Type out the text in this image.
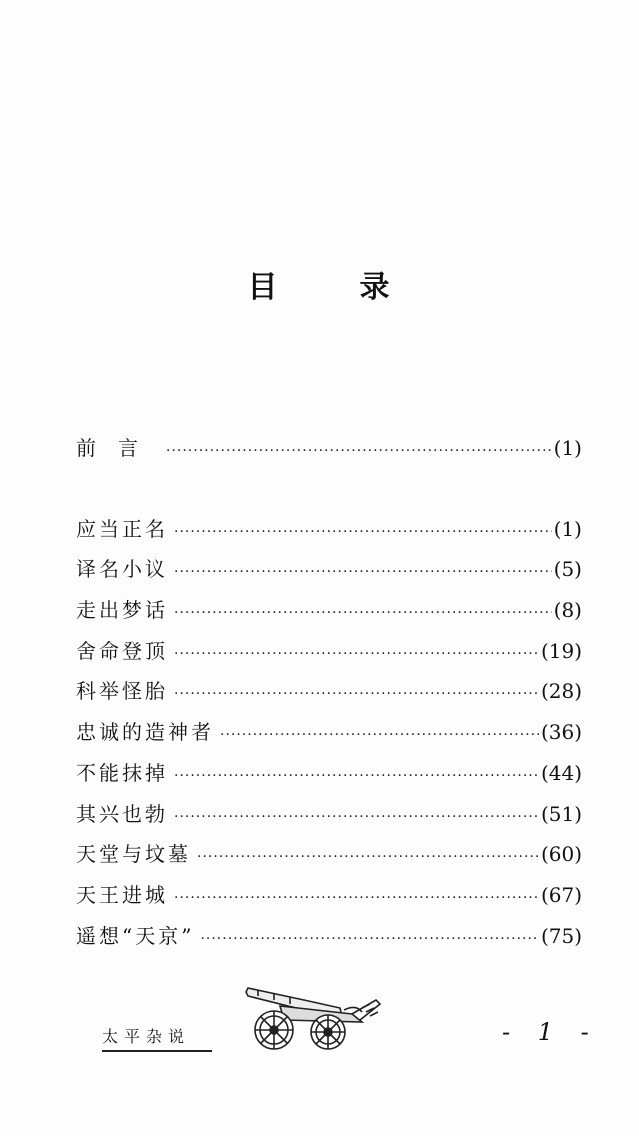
目	录
前言 ·····	(1)
应当正名 ·····	(1)
译名小议 ·····	(5)
走出梦话 ·····	(8)
舍命登顶 ·····	(19)
科举怪胎 ·····	(28)
忠诚的造神者 ·····	(36)
不能抹掉 ·····	(44)
其兴也勃 ·····	(51)
天堂与坟墓 ·····	(60)
天王进城 ·····	(67)
遥想“天京” ·····	(75)
太平杂说	- 1 -
